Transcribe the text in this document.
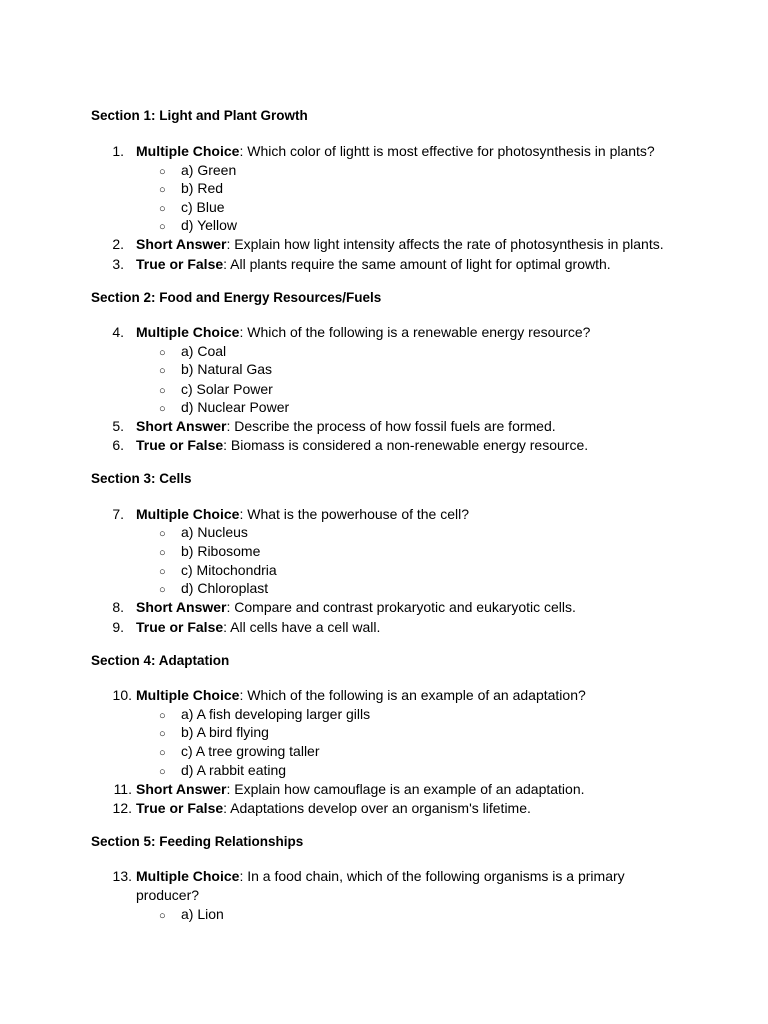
Section 1: Light and Plant Growth
1. Multiple Choice: Which color of lightt is most effective for photosynthesis in plants?
○ a) Green
○ b) Red
○ c) Blue
○ d) Yellow
2. Short Answer: Explain how light intensity affects the rate of photosynthesis in plants.
3. True or False: All plants require the same amount of light for optimal growth.
Section 2: Food and Energy Resources/Fuels
4. Multiple Choice: Which of the following is a renewable energy resource?
○ a) Coal
○ b) Natural Gas
○ c) Solar Power
○ d) Nuclear Power
5. Short Answer: Describe the process of how fossil fuels are formed.
6. True or False: Biomass is considered a non-renewable energy resource.
Section 3: Cells
7. Multiple Choice: What is the powerhouse of the cell?
○ a) Nucleus
○ b) Ribosome
○ c) Mitochondria
○ d) Chloroplast
8. Short Answer: Compare and contrast prokaryotic and eukaryotic cells.
9. True or False: All cells have a cell wall.
Section 4: Adaptation
10. Multiple Choice: Which of the following is an example of an adaptation?
○ a) A fish developing larger gills
○ b) A bird flying
○ c) A tree growing taller
○ d) A rabbit eating
11. Short Answer: Explain how camouflage is an example of an adaptation.
12. True or False: Adaptations develop over an organism's lifetime.
Section 5: Feeding Relationships
13. Multiple Choice: In a food chain, which of the following organisms is a primary producer?
○ a) Lion
